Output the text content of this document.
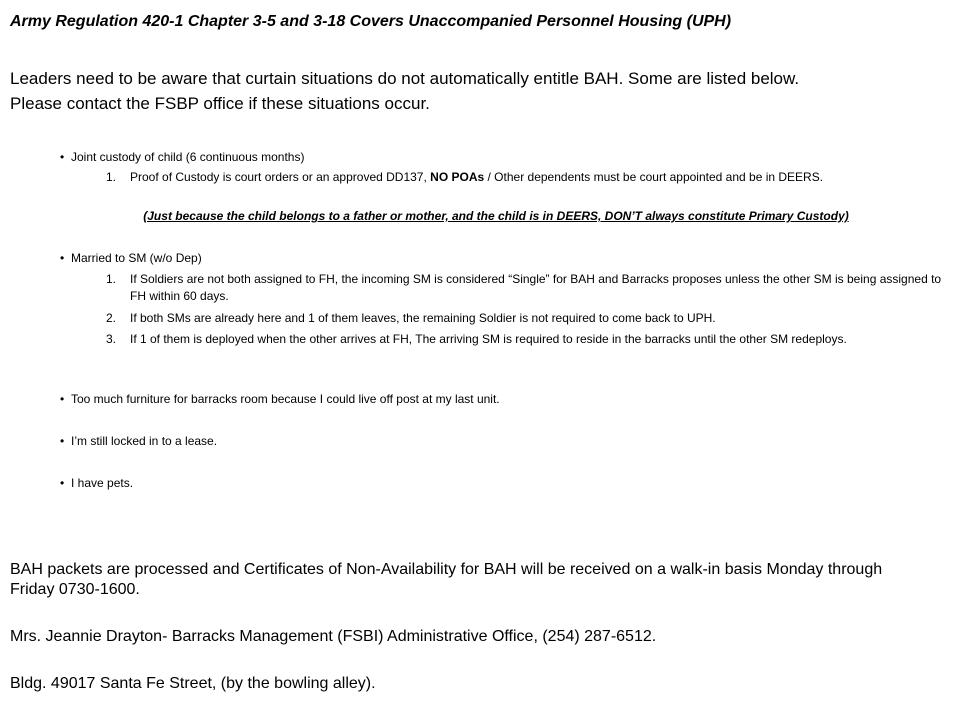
Army Regulation 420-1 Chapter 3-5 and 3-18 Covers Unaccompanied Personnel Housing (UPH)

Leaders need to be aware that curtain situations do not automatically entitle BAH. Some are listed below.

Please contact the FSBP office if these situations occur.

• Joint custody of child (6 continuous months)
1. Proof of Custody is court orders or an approved DD137, NO POAs / Other dependents must be court appointed and be in DEERS.
(Just because the child belongs to a father or mother, and the child is in DEERS, DON’T always constitute Primary Custody)
• Married to SM (w/o Dep)
1. If Soldiers are not both assigned to FH, the incoming SM is considered “Single” for BAH and Barracks proposes unless the other SM is being assigned to FH within 60 days.
2. If both SMs are already here and 1 of them leaves, the remaining Soldier is not required to come back to UPH.
3. If 1 of them is deployed when the other arrives at FH, The arriving SM is required to reside in the barracks until the other SM redeploys.
• Too much furniture for barracks room because I could live off post at my last unit.
• I’m still locked in to a lease.
• I have pets.

BAH packets are processed and Certificates of Non-Availability for BAH will be received on a walk-in basis Monday through Friday 0730-1600.

Mrs. Jeannie Drayton- Barracks Management (FSBI) Administrative Office, (254) 287-6512.

Bldg. 49017 Santa Fe Street, (by the bowling alley).
